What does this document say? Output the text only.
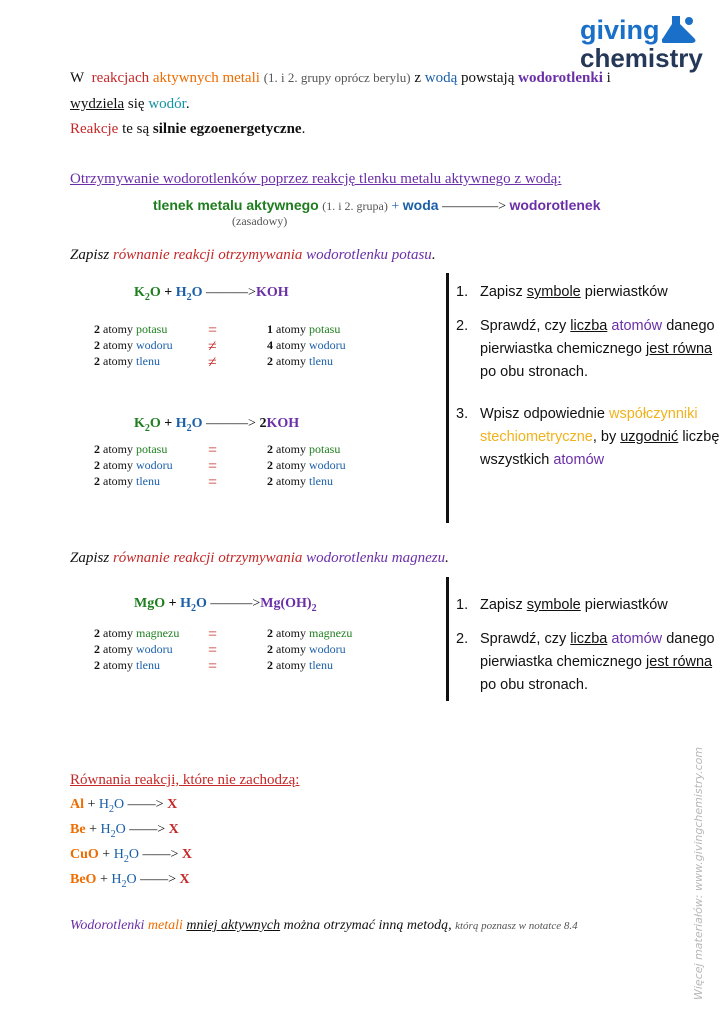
giving
chemistry
W reakcjach aktywnych metali (1. i 2. grupy oprócz berylu) z wodą powstają wodorotlenki i
wydziela się wodór.
Reakcje te są silnie egzoenergetyczne.
Otrzymywanie wodorotlenków poprzez reakcję tlenku metalu aktywnego z wodą:
tlenek metalu aktywnego (1. i 2. grupa) + woda ————> wodorotlenek
(zasadowy)
Zapisz równanie reakcji otrzymywania wodorotlenku potasu.
$K_2O + H_2O$ ———>KOH
2 atomy potasu	=	1 atomy potasu
2 atomy wodoru ≠	4 atomy wodoru
2 atomy tlenu	≠	2 atomy tlenu
$K_2O + H_2O$ ———> 2KOH
2 atomy potasu	=	2 atomy potasu
2 atomy wodoru =	2 atomy wodoru
2 atomy tlenu	=	2 atomy tlenu
1. Zapisz symbole pierwiastków
2. Sprawdź, czy liczba atomów danego
pierwiastka chemicznego jest równa
po obu stronach.
3. Wpisz odpowiednie współczynniki
stechiometryczne, by uzgodnić liczbę
wszystkich atomów
Zapisz równanie reakcji otrzymywania wodorotlenku magnezu.
MgO + $H_2O$ $———>Mg(OH)_2$
2 atomy magnezu =	2 atomy magnezu
2 atomy wodoru =	2 atomy wodoru
2 atomy tlenu	=	2 atomy tlenu
1. Zapisz symbole pierwiastków
2. Sprawdź, czy liczba atomów danego
pierwiastka chemicznego jest równa
po obu stronach.
Równania reakcji, które nie zachodzą:
$Al + H_2O$ ——> X
$Be + H_2O$ ——> X
CuO + $H_2O$ ——> X
BeO + $H_2O$ ——> X
Wodorotlenki metali mniej aktywnych można otrzymać inną metodą, którą poznasz w notatce 8.4	Więcej materiałów: www.givingchemistry.com
